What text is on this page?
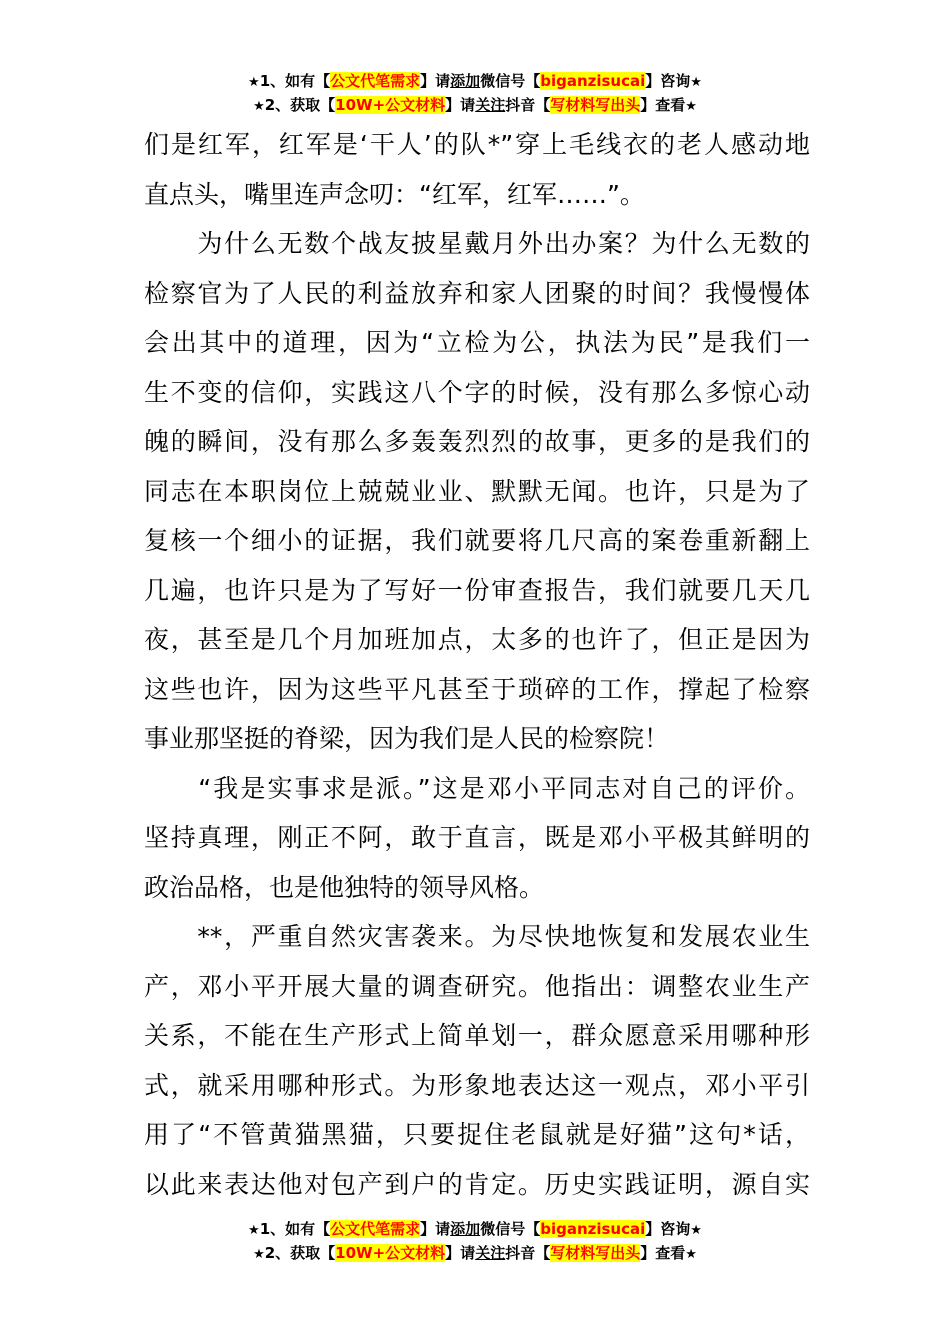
★1、如有【公文代笔需求】请添加微信号【biganzisucai】咨询★
★2、获取【10W+公文材料】请关注抖音【写材料写出头】查看★
们是红军，红军是‘干人’的队*”穿上毛线衣的老人感动地
直点头，嘴里连声念叨：“红军，红军……”。
　　为什么无数个战友披星戴月外出办案？为什么无数的
检察官为了人民的利益放弃和家人团聚的时间？我慢慢体
会出其中的道理，因为“立检为公，执法为民”是我们一
生不变的信仰，实践这八个字的时候，没有那么多惊心动
魄的瞬间，没有那么多轰轰烈烈的故事，更多的是我们的
同志在本职岗位上兢兢业业、默默无闻。也许，只是为了
复核一个细小的证据，我们就要将几尺高的案卷重新翻上
几遍，也许只是为了写好一份审查报告，我们就要几天几
夜，甚至是几个月加班加点，太多的也许了，但正是因为
这些也许，因为这些平凡甚至于琐碎的工作，撑起了检察
事业那坚挺的脊梁，因为我们是人民的检察院！
　　“我是实事求是派。”这是邓小平同志对自己的评价。
坚持真理，刚正不阿，敢于直言，既是邓小平极其鲜明的
政治品格，也是他独特的领导风格。
　　**，严重自然灾害袭来。为尽快地恢复和发展农业生
产，邓小平开展大量的调查研究。他指出：调整农业生产
关系，不能在生产形式上简单划一，群众愿意采用哪种形
式，就采用哪种形式。为形象地表达这一观点，邓小平引
用了“不管黄猫黑猫，只要捉住老鼠就是好猫”这句*话，
以此来表达他对包产到户的肯定。历史实践证明，源自实
★1、如有【公文代笔需求】请添加微信号【biganzisucai】咨询★
★2、获取【10W+公文材料】请关注抖音【写材料写出头】查看★
